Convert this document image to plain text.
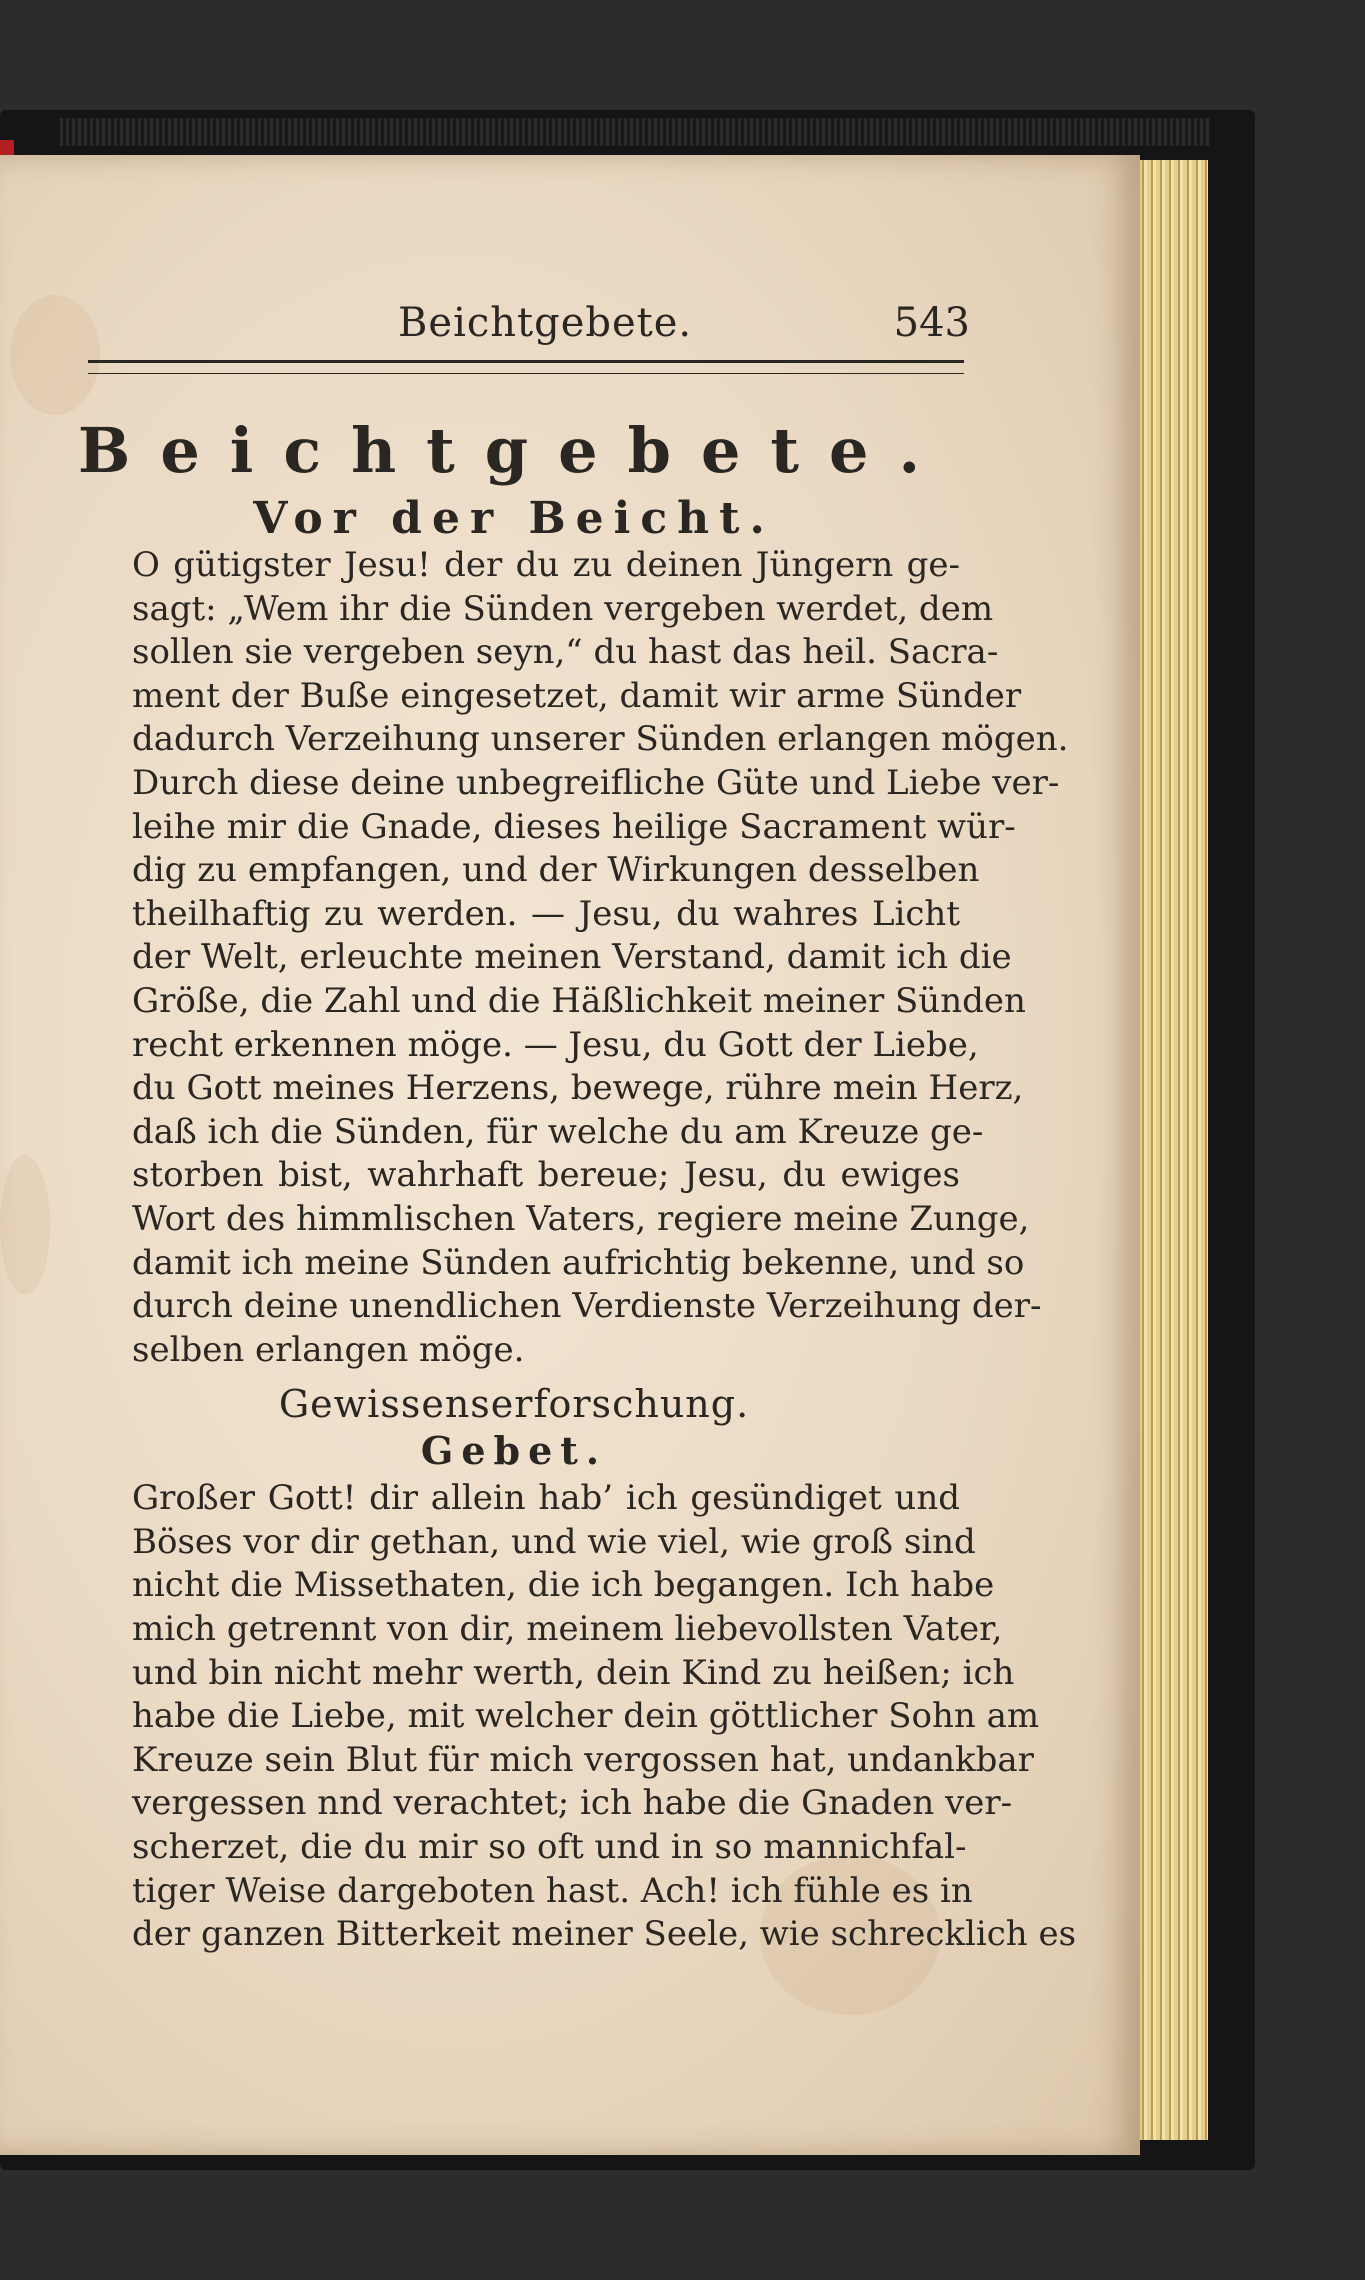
Beichtgebete.	543
Beichtgebete.
Vor der Beicht.
O gütigster Jesu! der du zu deinen Jüngern ge-
sagt: „Wem ihr die Sünden vergeben werdet, dem
sollen sie vergeben seyn,“ du hast das heil. Sacra-
ment der Buße eingesetzet, damit wir arme Sünder
dadurch Verzeihung unserer Sünden erlangen mögen.
Durch diese deine unbegreifliche Güte und Liebe ver-
leihe mir die Gnade, dieses heilige Sacrament wür-
dig zu empfangen, und der Wirkungen desselben
theilhaftig zu werden. — Jesu, du wahres Licht
der Welt, erleuchte meinen Verstand, damit ich die
Größe, die Zahl und die Häßlichkeit meiner Sünden
recht erkennen möge. — Jesu, du Gott der Liebe,
du Gott meines Herzens, bewege, rühre mein Herz,
daß ich die Sünden, für welche du am Kreuze ge-
storben bist, wahrhaft bereue; Jesu, du ewiges
Wort des himmlischen Vaters, regiere meine Zunge,
damit ich meine Sünden aufrichtig bekenne, und so
durch deine unendlichen Verdienste Verzeihung der-
selben erlangen möge.
Gewissenserforschung.
Gebet.
Großer Gott! dir allein hab’ ich gesündiget und
Böses vor dir gethan, und wie viel, wie groß sind
nicht die Missethaten, die ich begangen. Ich habe
mich getrennt von dir, meinem liebevollsten Vater,
und bin nicht mehr werth, dein Kind zu heißen; ich
habe die Liebe, mit welcher dein göttlicher Sohn am
Kreuze sein Blut für mich vergossen hat, undankbar
vergessen nnd verachtet; ich habe die Gnaden ver-
scherzet, die du mir so oft und in so mannichfal-
tiger Weise dargeboten hast. Ach! ich fühle es in
der ganzen Bitterkeit meiner Seele, wie schrecklich es
